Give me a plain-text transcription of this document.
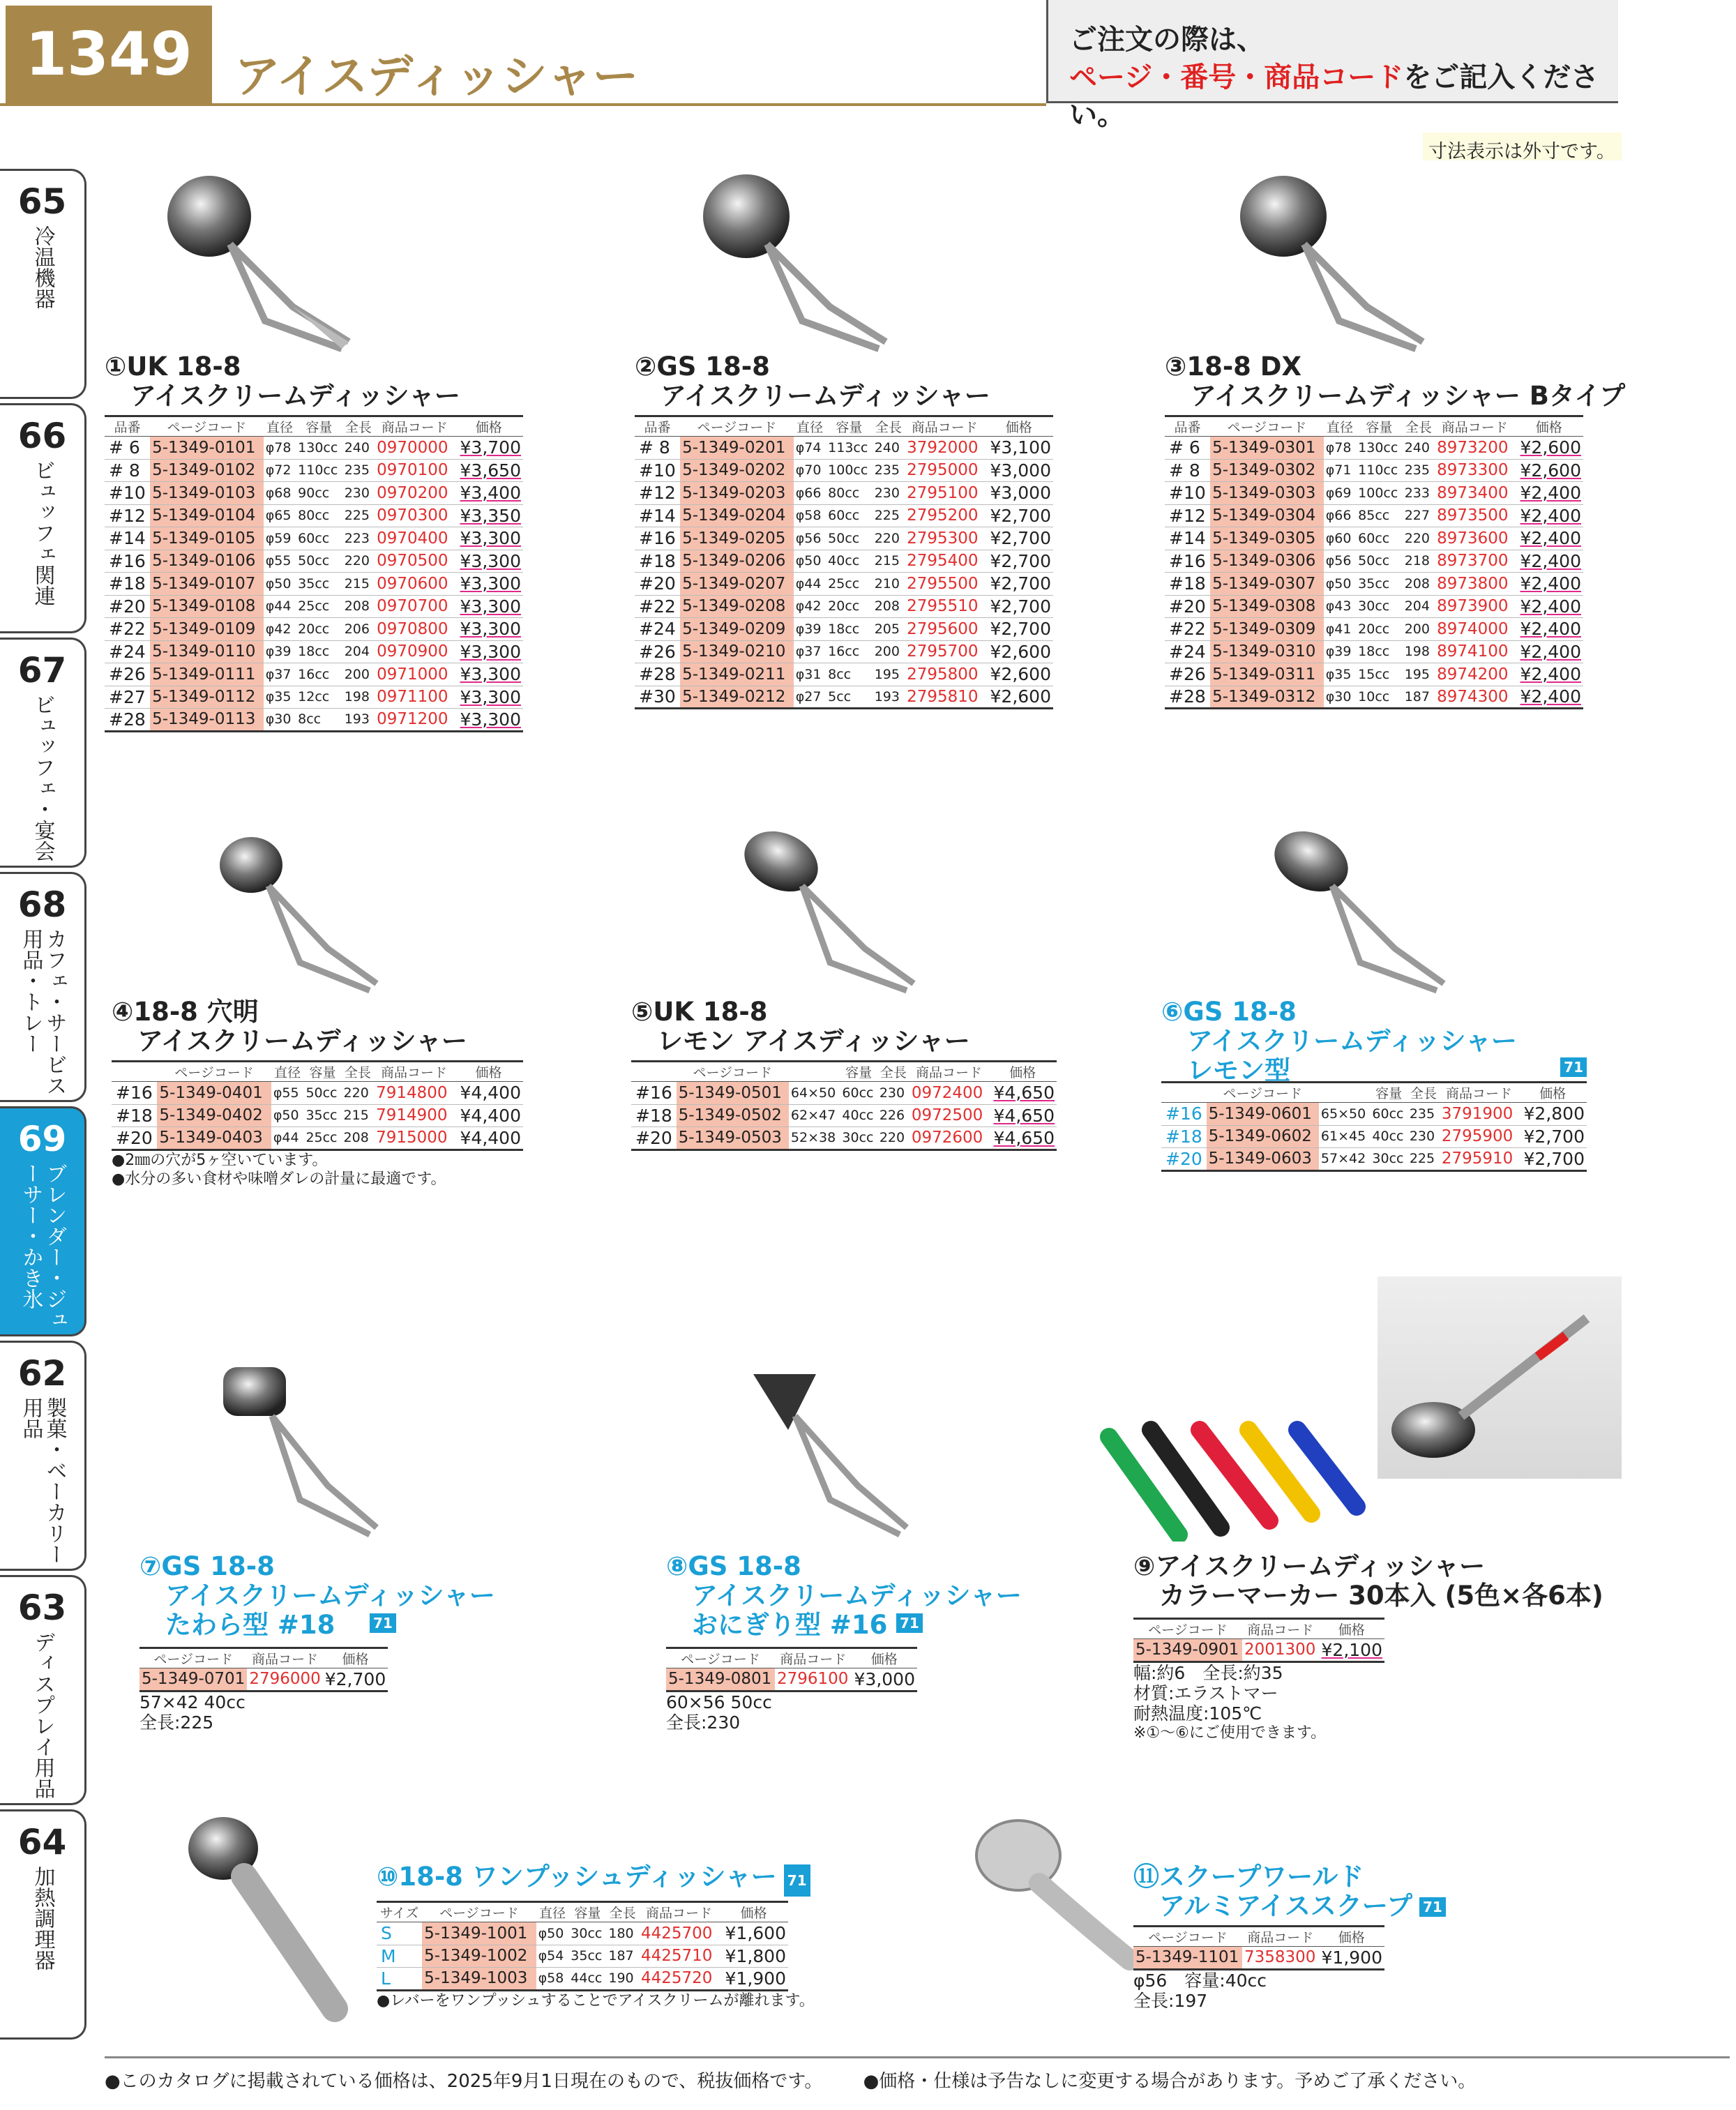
1349 アイスディッシャー
ご注文の際は、
ページ・番号・商品コードをご記入ください。
寸法表示は外寸です。
65
冷温機器
66
ビュッフェ関連
67
ビュッフェ・宴会
68
カフェ・サービス用品・トレー
69
ブレンダー・ジューサー・かき氷
62
製菓・ベーカリー用品
63
ディスプレイ用品
64
加熱調理器
①UK 18-8
　アイスクリームディッシャー
品番	ページコード	直径	容量	全長	商品コード	価格
# 6	5-1349-0101	φ78	130cc	240	0970000	¥3,700
# 8	5-1349-0102	φ72	110cc	235	0970100	¥3,650
#10	5-1349-0103	φ68	90cc	230	0970200	¥3,400
#12	5-1349-0104	φ65	80cc	225	0970300	¥3,350
#14	5-1349-0105	φ59	60cc	223	0970400	¥3,300
#16	5-1349-0106	φ55	50cc	220	0970500	¥3,300
#18	5-1349-0107	φ50	35cc	215	0970600	¥3,300
#20	5-1349-0108	φ44	25cc	208	0970700	¥3,300
#22	5-1349-0109	φ42	20cc	206	0970800	¥3,300
#24	5-1349-0110	φ39	18cc	204	0970900	¥3,300
#26	5-1349-0111	φ37	16cc	200	0971000	¥3,300
#27	5-1349-0112	φ35	12cc	198	0971100	¥3,300
#28	5-1349-0113	φ30	8cc	193	0971200	¥3,300
②GS 18-8
　アイスクリームディッシャー
品番	ページコード	直径	容量	全長	商品コード	価格
# 8	5-1349-0201	φ74	113cc	240	3792000	¥3,100
#10	5-1349-0202	φ70	100cc	235	2795000	¥3,000
#12	5-1349-0203	φ66	80cc	230	2795100	¥3,000
#14	5-1349-0204	φ58	60cc	225	2795200	¥2,700
#16	5-1349-0205	φ56	50cc	220	2795300	¥2,700
#18	5-1349-0206	φ50	40cc	215	2795400	¥2,700
#20	5-1349-0207	φ44	25cc	210	2795500	¥2,700
#22	5-1349-0208	φ42	20cc	208	2795510	¥2,700
#24	5-1349-0209	φ39	18cc	205	2795600	¥2,700
#26	5-1349-0210	φ37	16cc	200	2795700	¥2,600
#28	5-1349-0211	φ31	8cc	195	2795800	¥2,600
#30	5-1349-0212	φ27	5cc	193	2795810	¥2,600
③18-8 DX
　アイスクリームディッシャー Bタイプ
品番	ページコード	直径	容量	全長	商品コード	価格
# 6	5-1349-0301	φ78	130cc	240	8973200	¥2,600
# 8	5-1349-0302	φ71	110cc	235	8973300	¥2,600
#10	5-1349-0303	φ69	100cc	233	8973400	¥2,400
#12	5-1349-0304	φ66	85cc	227	8973500	¥2,400
#14	5-1349-0305	φ60	60cc	220	8973600	¥2,400
#16	5-1349-0306	φ56	50cc	218	8973700	¥2,400
#18	5-1349-0307	φ50	35cc	208	8973800	¥2,400
#20	5-1349-0308	φ43	30cc	204	8973900	¥2,400
#22	5-1349-0309	φ41	20cc	200	8974000	¥2,400
#24	5-1349-0310	φ39	18cc	198	8974100	¥2,400
#26	5-1349-0311	φ35	15cc	195	8974200	¥2,400
#28	5-1349-0312	φ30	10cc	187	8974300	¥2,400
④18-8 穴明
　アイスクリームディッシャー
	ページコード	直径	容量	全長	商品コード	価格
#16	5-1349-0401	φ55	50cc	220	7914800	¥4,400
#18	5-1349-0402	φ50	35cc	215	7914900	¥4,400
#20	5-1349-0403	φ44	25cc	208	7915000	¥4,400
●2㎜の穴が5ヶ空いています。
●水分の多い食材や味噌ダレの計量に最適です。
⑤UK 18-8
　レモン アイスディッシャー
	ページコード		容量	全長	商品コード	価格
#16	5-1349-0501	64×50	60cc	230	0972400	¥4,650
#18	5-1349-0502	62×47	40cc	226	0972500	¥4,650
#20	5-1349-0503	52×38	30cc	220	0972600	¥4,650
⑥GS 18-8
　アイスクリームディッシャー
　レモン型	71
	ページコード		容量	全長	商品コード	価格
#16	5-1349-0601	65×50	60cc	235	3791900	¥2,800
#18	5-1349-0602	61×45	40cc	230	2795900	¥2,700
#20	5-1349-0603	57×42	30cc	225	2795910	¥2,700
⑦GS 18-8
　アイスクリームディッシャー
　たわら型 #18	71
ページコード	商品コード	価格
5-1349-0701	2796000	¥2,700
57×42 40cc
全長:225
⑧GS 18-8
　アイスクリームディッシャー
　おにぎり型 #16 71
ページコード	商品コード	価格
5-1349-0801	2796100	¥3,000
60×56 50cc
全長:230
⑨アイスクリームディッシャー
　カラーマーカー 30本入 (5色×各6本)
ページコード	商品コード	価格
5-1349-0901	2001300	¥2,100
幅:約6　全長:約35
材質:エラストマー
耐熱温度:105℃
※①〜⑥にご使用できます。
⑩18-8 ワンプッシュディッシャー 71
サイズ	ページコード	直径	容量	全長	商品コード	価格
S	5-1349-1001	φ50	30cc	180	4425700	¥1,600
M	5-1349-1002	φ54	35cc	187	4425710	¥1,800
L	5-1349-1003	φ58	44cc	190	4425720	¥1,900
●レバーをワンプッシュすることでアイスクリームが離れます。
⑪スクープワールド
　アルミアイススクープ 71
ページコード	商品コード	価格
5-1349-1101	7358300	¥1,900
φ56　容量:40cc
全長:197
●このカタログに掲載されている価格は、2025年9月1日現在のもので、税抜価格です。 ●価格・仕様は予告なしに変更する場合があります。予めご了承ください。
